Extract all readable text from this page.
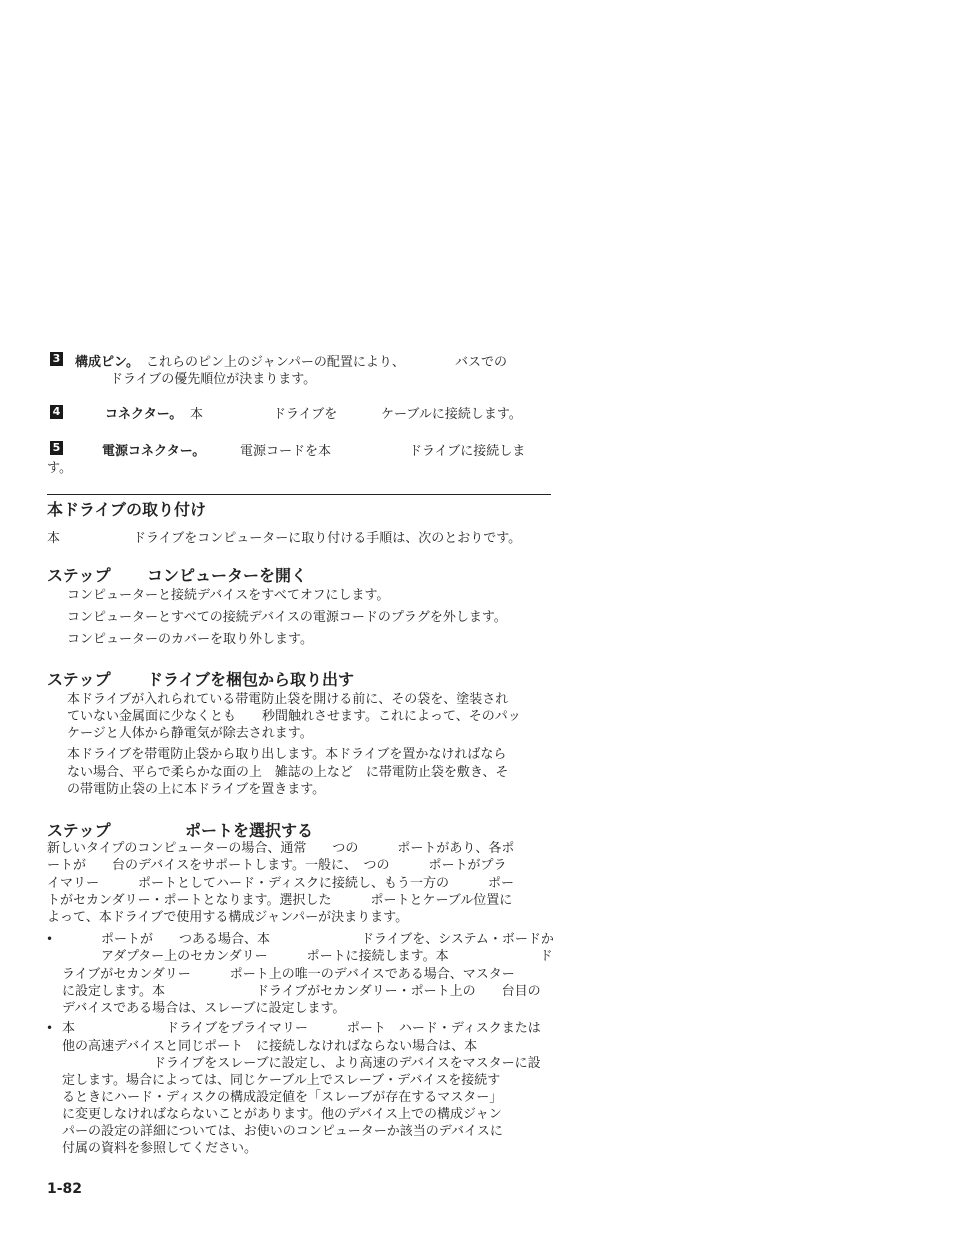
3 構成ピン。 これらのピン上のジャンパーの配置により、	バスでの
ドライブの優先順位が決まります。
4	コネクター。 本	ドライブを	ケーブルに接続します。
5	電源コネクター。	電源コードを本	ドライブに接続しま
す。
本ドライブの取り付け
本	ドライブをコンピューターに取り付ける手順は、次のとおりです。
ステップ コンピューターを開く
コンピューターと接続デバイスをすべてオフにします。
コンピューターとすべての接続デバイスの電源コードのプラグを外します。
コンピューターのカバーを取り外します。
ステップ ドライブを梱包から取り出す
本ドライブが入れられている帯電防止袋を開ける前に、その袋を、塗装され
ていない金属面に少なくとも　　秒間触れさせます。これによって、そのパッ
ケージと人体から静電気が除去されます。
本ドライブを帯電防止袋から取り出します。本ドライブを置かなければなら
ない場合、平らで柔らかな面の上　雑誌の上など　に帯電防止袋を敷き、そ
の帯電防止袋の上に本ドライブを置きます。
ステップ	ポートを選択する
新しいタイプのコンピューターの場合、通常　　つの　　　ポートがあり、各ポ
ートが　　台のデバイスをサポートします。一般に、　つの　　　ポートがプラ
イマリー　　　ポートとしてハード・ディスクに接続し、もう一方の　　　ポー
トがセカンダリー・ポートとなります。選択した　　　ポートとケーブル位置に
よって、本ドライブで使用する構成ジャンパーが決まります。
• 　　　ポートが　　つある場合、本　　　　　　　ドライブを、システム・ボードか
　　　アダプター上のセカンダリー　　　ポートに接続します。本　　　　　　　ド
ライブがセカンダリー　　　ポート上の唯一のデバイスである場合、マスター
に設定します。本　　　　　　　ドライブがセカンダリー・ポート上の　　台目の
デバイスである場合は、スレーブに設定します。
• 本　　　　　　　ドライブをプライマリー　　　ポート　ハード・ディスクまたは
他の高速デバイスと同じポート　に接続しなければならない場合は、本
　　　　　　　ドライブをスレーブに設定し、より高速のデバイスをマスターに設
定します。場合によっては、同じケーブル上でスレーブ・デバイスを接続す
るときにハード・ディスクの構成設定値を「スレーブが存在するマスター」
に変更しなければならないことがあります。他のデバイス上での構成ジャン
パーの設定の詳細については、お使いのコンピューターか該当のデバイスに
付属の資料を参照してください。
1-82
